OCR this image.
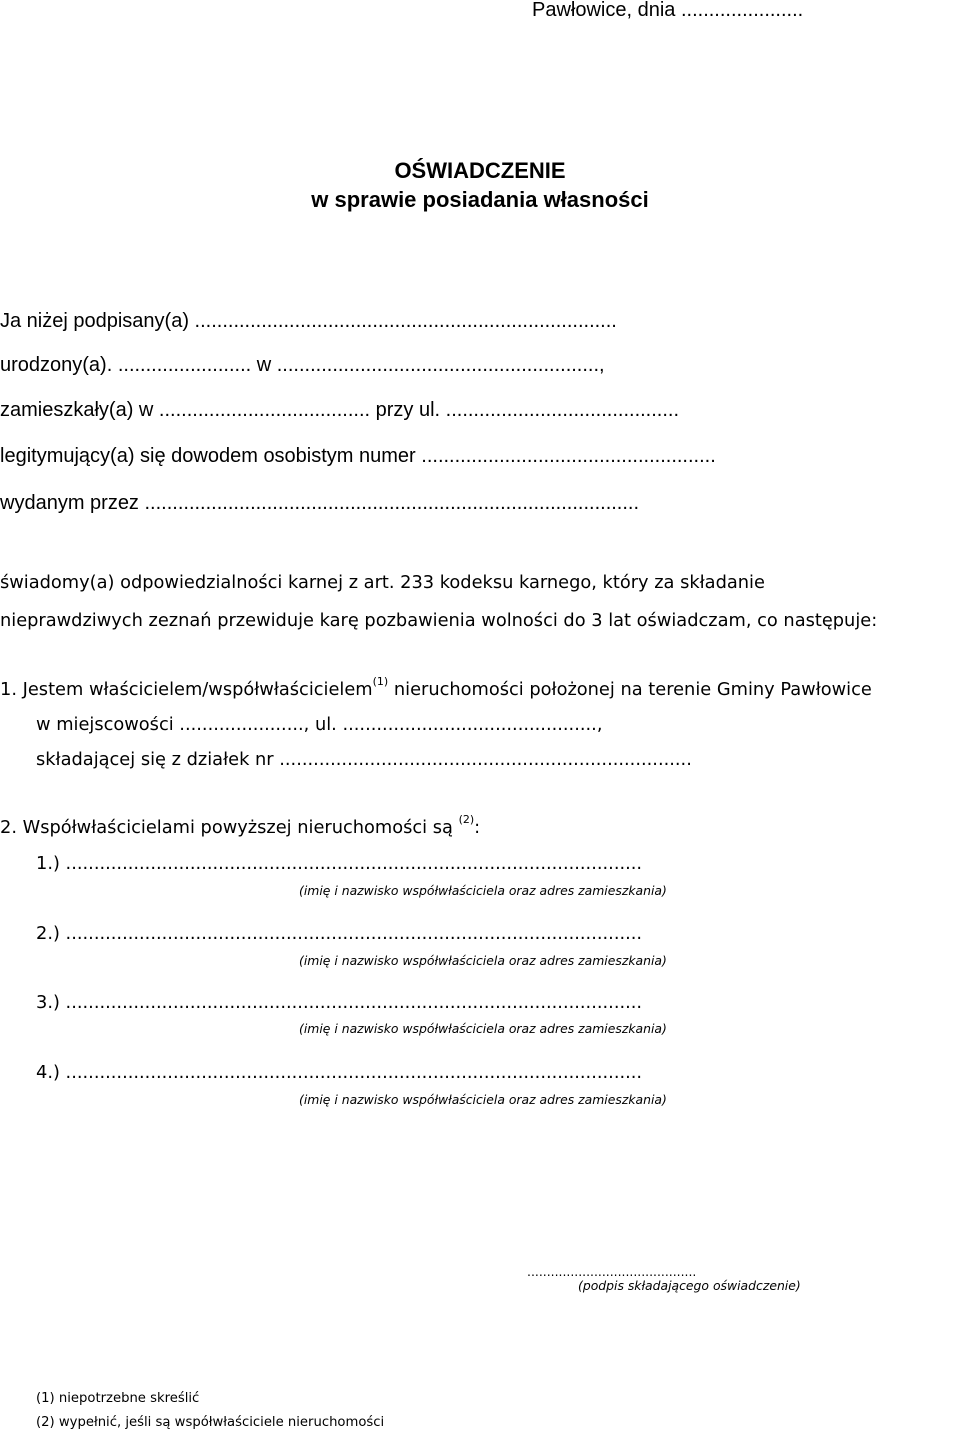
Pawłowice, dnia ......................
OŚWIADCZENIE
w sprawie posiadania własności
Ja niżej podpisany(a) ............................................................................
urodzony(a). ........................ w ..........................................................,
zamieszkały(a) w ...................................... przy ul. ..........................................
legitymujący(a) się dowodem osobistym numer .....................................................
wydanym przez .........................................................................................
świadomy(a) odpowiedzialności karnej z art. 233 kodeksu karnego, który za składanie
nieprawdziwych zeznań przewiduje karę pozbawienia wolności do 3 lat oświadczam, co następuje:
1. Jestem właścicielem/współwłaścicielem$^{(1)}$ nieruchomości położonej na terenie Gminy Pawłowice
w miejscowości ......................, ul. .............................................,
składającej się z działek nr .........................................................................
2. Współwłaścicielami powyższej nieruchomości są $^{(2)}$:
1.) ......................................................................................................
(imię i nazwisko współwłaściciela oraz adres zamieszkania)
2.) ......................................................................................................
(imię i nazwisko współwłaściciela oraz adres zamieszkania)
3.) ......................................................................................................
(imię i nazwisko współwłaściciela oraz adres zamieszkania)
4.) ......................................................................................................
(imię i nazwisko współwłaściciela oraz adres zamieszkania)
...........................................
(podpis składającego oświadczenie)
(1) niepotrzebne skreślić
(2) wypełnić, jeśli są współwłaściciele nieruchomości
